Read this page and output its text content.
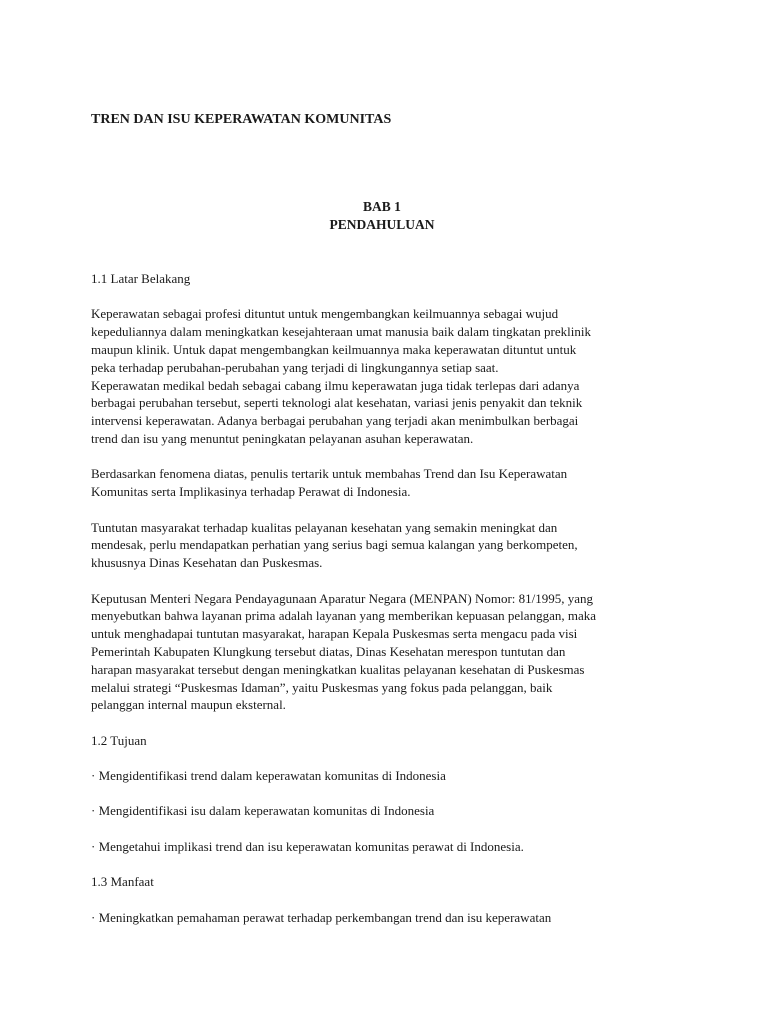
TREN DAN ISU KEPERAWATAN KOMUNITAS
BAB 1
PENDAHULUAN

1.1 Latar Belakang

Keperawatan sebagai profesi dituntut untuk mengembangkan keilmuannya sebagai wujud
kepeduliannya dalam meningkatkan kesejahteraan umat manusia baik dalam tingkatan preklinik
maupun klinik. Untuk dapat mengembangkan keilmuannya maka keperawatan dituntut untuk
peka terhadap perubahan-perubahan yang terjadi di lingkungannya setiap saat.

Keperawatan medikal bedah sebagai cabang ilmu keperawatan juga tidak terlepas dari adanya
berbagai perubahan tersebut, seperti teknologi alat kesehatan, variasi jenis penyakit dan teknik
intervensi keperawatan. Adanya berbagai perubahan yang terjadi akan menimbulkan berbagai
trend dan isu yang menuntut peningkatan pelayanan asuhan keperawatan.

Berdasarkan fenomena diatas, penulis tertarik untuk membahas Trend dan Isu Keperawatan
Komunitas serta Implikasinya terhadap Perawat di Indonesia.

Tuntutan masyarakat terhadap kualitas pelayanan kesehatan yang semakin meningkat dan
mendesak, perlu mendapatkan perhatian yang serius bagi semua kalangan yang berkompeten,
khususnya Dinas Kesehatan dan Puskesmas.

Keputusan Menteri Negara Pendayagunaan Aparatur Negara (MENPAN) Nomor: 81/1995, yang
menyebutkan bahwa layanan prima adalah layanan yang memberikan kepuasan pelanggan, maka
untuk menghadapai tuntutan masyarakat, harapan Kepala Puskesmas serta mengacu pada visi
Pemerintah Kabupaten Klungkung tersebut diatas, Dinas Kesehatan merespon tuntutan dan
harapan masyarakat tersebut dengan meningkatkan kualitas pelayanan kesehatan di Puskesmas
melalui strategi “Puskesmas Idaman”, yaitu Puskesmas yang fokus pada pelanggan, baik
pelanggan internal maupun eksternal.

1.2 Tujuan

· Mengidentifikasi trend dalam keperawatan komunitas di Indonesia

· Mengidentifikasi isu dalam keperawatan komunitas di Indonesia

· Mengetahui implikasi trend dan isu keperawatan komunitas perawat di Indonesia.

1.3 Manfaat

· Meningkatkan pemahaman perawat terhadap perkembangan trend dan isu keperawatan
